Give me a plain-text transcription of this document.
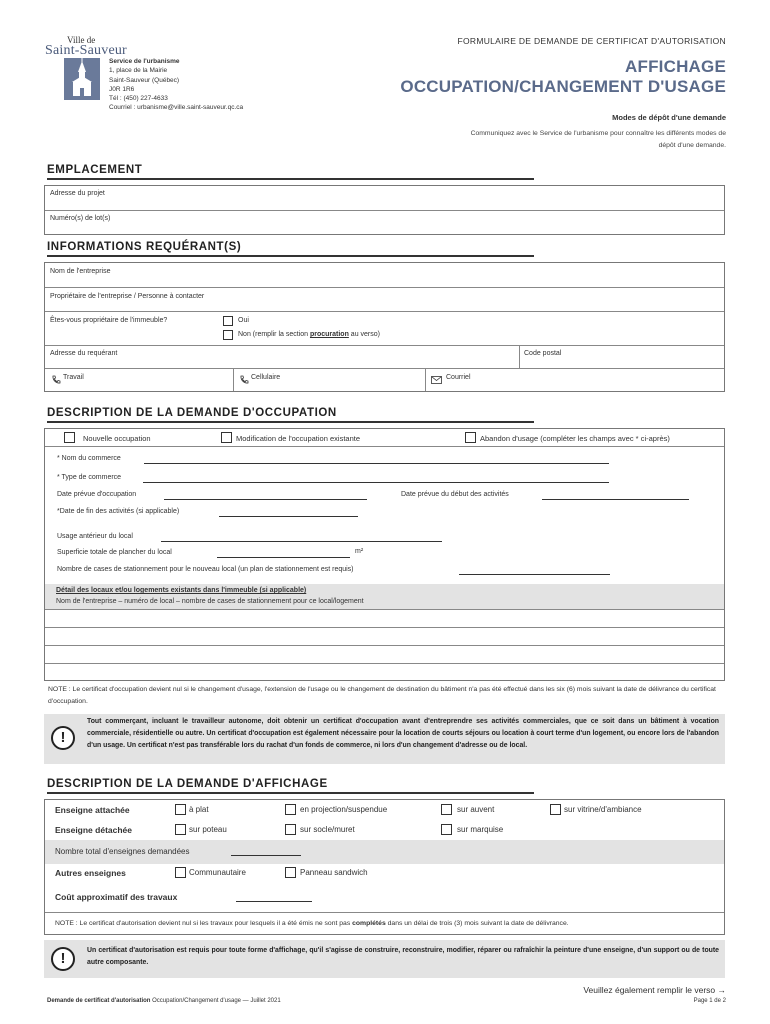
Ville de
Saint-Sauveur
Service de l'urbanisme
1, place de la Mairie
Saint-Sauveur (Québec)
J0R 1R6
Tél : (450) 227-4633
Courriel : urbanisme@ville.saint-sauveur.qc.ca
FORMULAIRE DE DEMANDE DE CERTIFICAT D'AUTORISATION
AFFICHAGE
OCCUPATION/CHANGEMENT D'USAGE
Modes de dépôt d'une demande
Communiquez avec le Service de l'urbanisme pour connaître les différents modes de dépôt d'une demande.
EMPLACEMENT
Adresse du projet
Numéro(s) de lot(s)
INFORMATIONS REQUÉRANT(S)
Nom de l'entreprise
Propriétaire de l'entreprise / Personne à contacter
Êtes-vous propriétaire de l'immeuble?	Oui
Non (remplir la section procuration au verso)
Adresse du requérant	Code postal
Travail	Cellulaire	Courriel
DESCRIPTION DE LA DEMANDE D'OCCUPATION
Nouvelle occupation	Modification de l'occupation existante	Abandon d'usage (compléter les champs avec * ci-après)
* Nom du commerce
* Type de commerce
Date prévue d'occupation	Date prévue du début des activités
*Date de fin des activités (si applicable)
Usage antérieur du local
Superficie totale de plancher du local	m²
Nombre de cases de stationnement pour le nouveau local (un plan de stationnement est requis)
Détail des locaux et/ou logements existants dans l'immeuble (si applicable)
Nom de l'entreprise – numéro de local – nombre de cases de stationnement pour ce local/logement
NOTE : Le certificat d'occupation devient nul si le changement d'usage, l'extension de l'usage ou le changement de destination du bâtiment n'a pas été effectué dans les six (6) mois suivant la date de délivrance du certificat d'occupation.
!
Tout commerçant, incluant le travailleur autonome, doit obtenir un certificat d'occupation avant d'entreprendre ses activités commerciales, que ce soit dans un bâtiment à vocation commerciale, résidentielle ou autre. Un certificat d'occupation est également nécessaire pour la location de courts séjours ou location à court terme d'un logement, ou encore lors de l'abandon d'un usage. Un certificat n'est pas transférable lors du rachat d'un fonds de commerce, ni lors d'un changement d'adresse ou de local.
DESCRIPTION DE LA DEMANDE D'AFFICHAGE
Enseigne attachée	à plat	en projection/suspendue	sur auvent	sur vitrine/d'ambiance
Enseigne détachée	sur poteau	sur socle/muret	sur marquise
Nombre total d'enseignes demandées
Autres enseignes	Communautaire	Panneau sandwich
Coût approximatif des travaux
NOTE : Le certificat d'autorisation devient nul si les travaux pour lesquels il a été émis ne sont pas complétés dans un délai de trois (3) mois suivant la date de délivrance.
!	Un certificat d'autorisation est requis pour toute forme d'affichage, qu'il s'agisse de construire, reconstruire, modifier, réparer ou rafraîchir la peinture d'une enseigne, d'un support ou de toute autre composante.
Veuillez également remplir le verso →
Demande de certificat d'autorisation Occupation/Changement d'usage — Juillet 2021	Page 1 de 2
